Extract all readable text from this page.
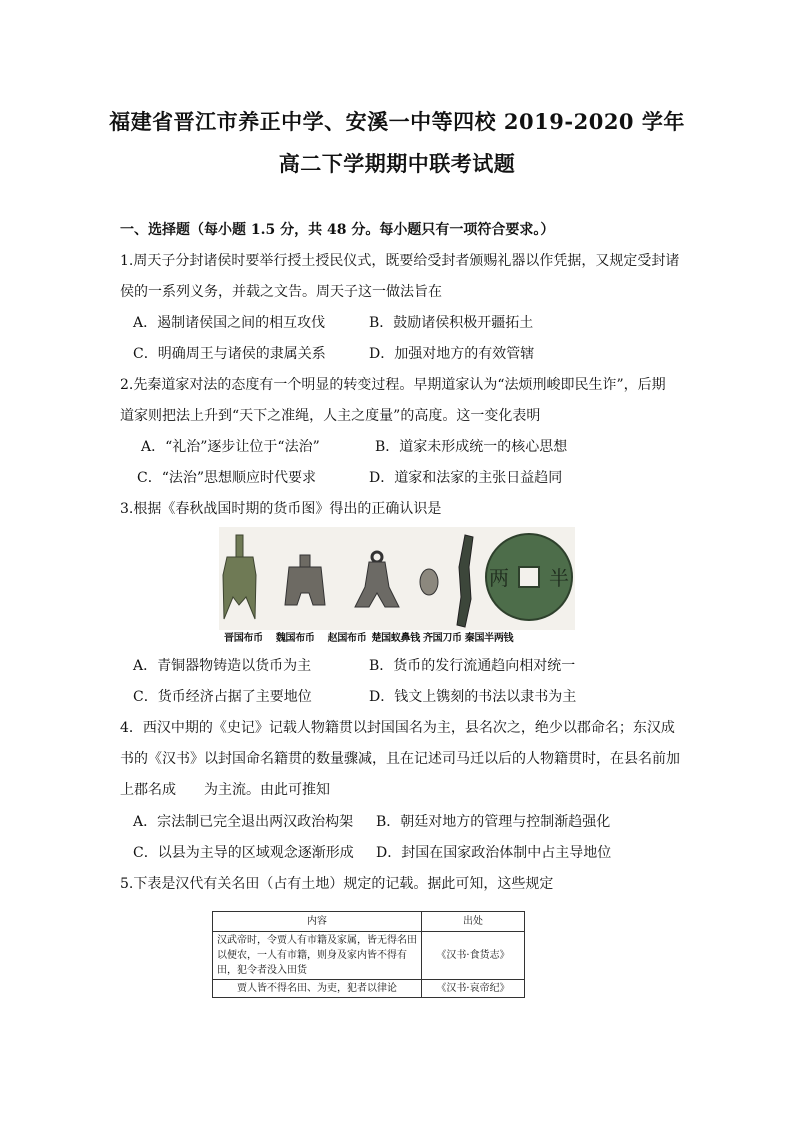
福建省晋江市养正中学、安溪一中等四校 2019-2020 学年
高二下学期期中联考试题
一、选择题（每小题 1.5 分，共 48 分。每小题只有一项符合要求。）
1.周天子分封诸侯时要举行授土授民仪式，既要给受封者颁赐礼器以作凭据，又规定受封诸
侯的一系列义务，并载之文告。周天子这一做法旨在
A．遏制诸侯国之间的相互攻伐	B．鼓励诸侯积极开疆拓土
C．明确周王与诸侯的隶属关系	D．加强对地方的有效管辖
2.先秦道家对法的态度有一个明显的转变过程。早期道家认为“法烦刑峻即民生诈”，后期
道家则把法上升到“天下之准绳，人主之度量”的高度。这一变化表明
A．“礼治”逐步让位于“法治”	B．道家未形成统一的核心思想
C．“法治”思想顺应时代要求	D．道家和法家的主张日益趋同
3.根据《春秋战国时期的货币图》得出的正确认识是
两 半
晋国布币 魏国布币 赵国布币 楚国蚁鼻钱 齐国刀币 秦国半两钱
A．青铜器物铸造以货币为主	B．货币的发行流通趋向相对统一
C．货币经济占据了主要地位	D．钱文上镌刻的书法以隶书为主
4．西汉中期的《史记》记载人物籍贯以封国国名为主，县名次之，绝少以郡命名；东汉成
书的《汉书》以封国命名籍贯的数量骤减，且在记述司马迁以后的人物籍贯时，在县名前加
上郡名成　　为主流。由此可推知
A．宗法制已完全退出两汉政治构架 B．朝廷对地方的管理与控制渐趋强化
C．以县为主导的区域观念逐渐形成 D．封国在国家政治体制中占主导地位
5.下表是汉代有关名田（占有土地）规定的记载。据此可知，这些规定
内容	出处
汉武帝时，令贾人有市籍及家属，皆无得名田以便农，一人有市籍，则身及家内皆不得有田，犯令者没入田货	《汉书·食货志》
贾人皆不得名田、为吏，犯者以律论	《汉书·哀帝纪》
